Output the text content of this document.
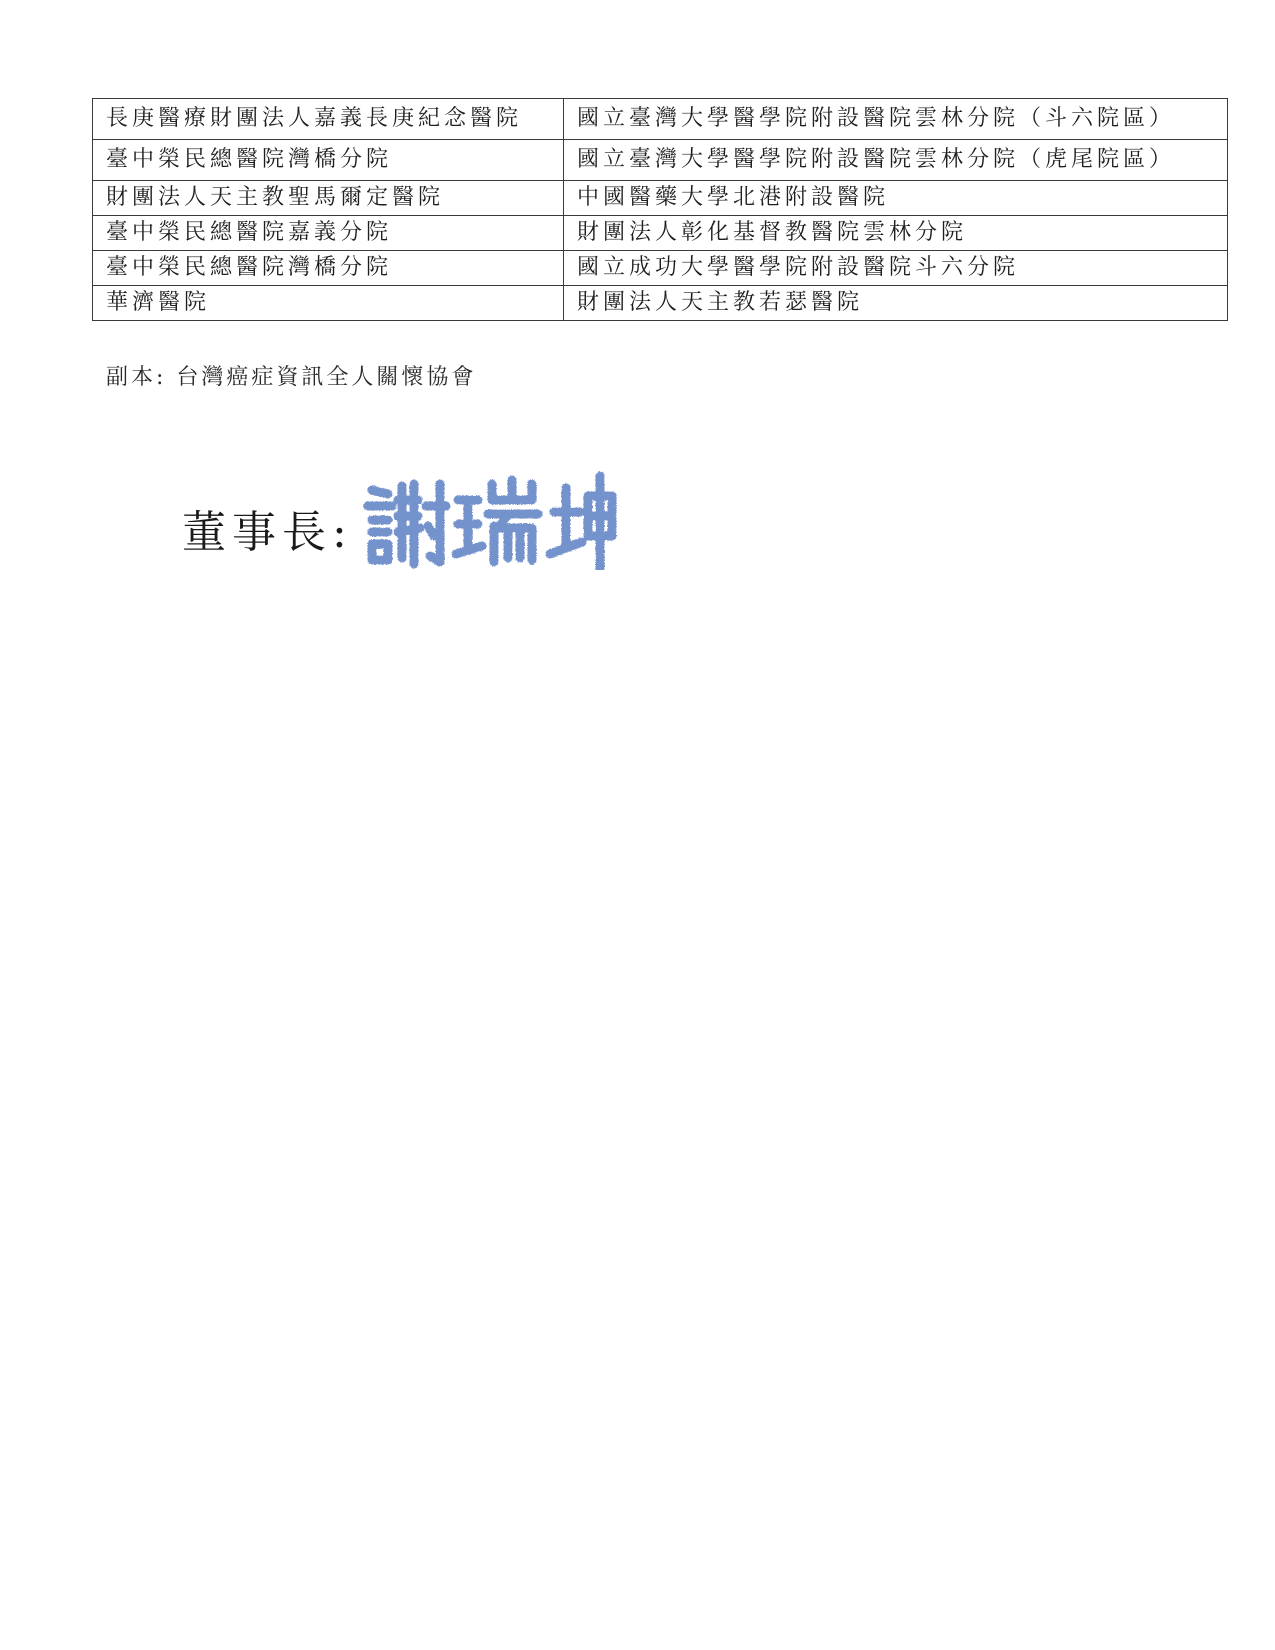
長庚醫療財團法人嘉義長庚紀念醫院	國立臺灣大學醫學院附設醫院雲林分院（斗六院區）
臺中榮民總醫院灣橋分院	國立臺灣大學醫學院附設醫院雲林分院（虎尾院區）
財團法人天主教聖馬爾定醫院	中國醫藥大學北港附設醫院
臺中榮民總醫院嘉義分院	財團法人彰化基督教醫院雲林分院
臺中榮民總醫院灣橋分院	國立成功大學醫學院附設醫院斗六分院
華濟醫院	財團法人天主教若瑟醫院
副本: 台灣癌症資訊全人關懷協會
董事長:
